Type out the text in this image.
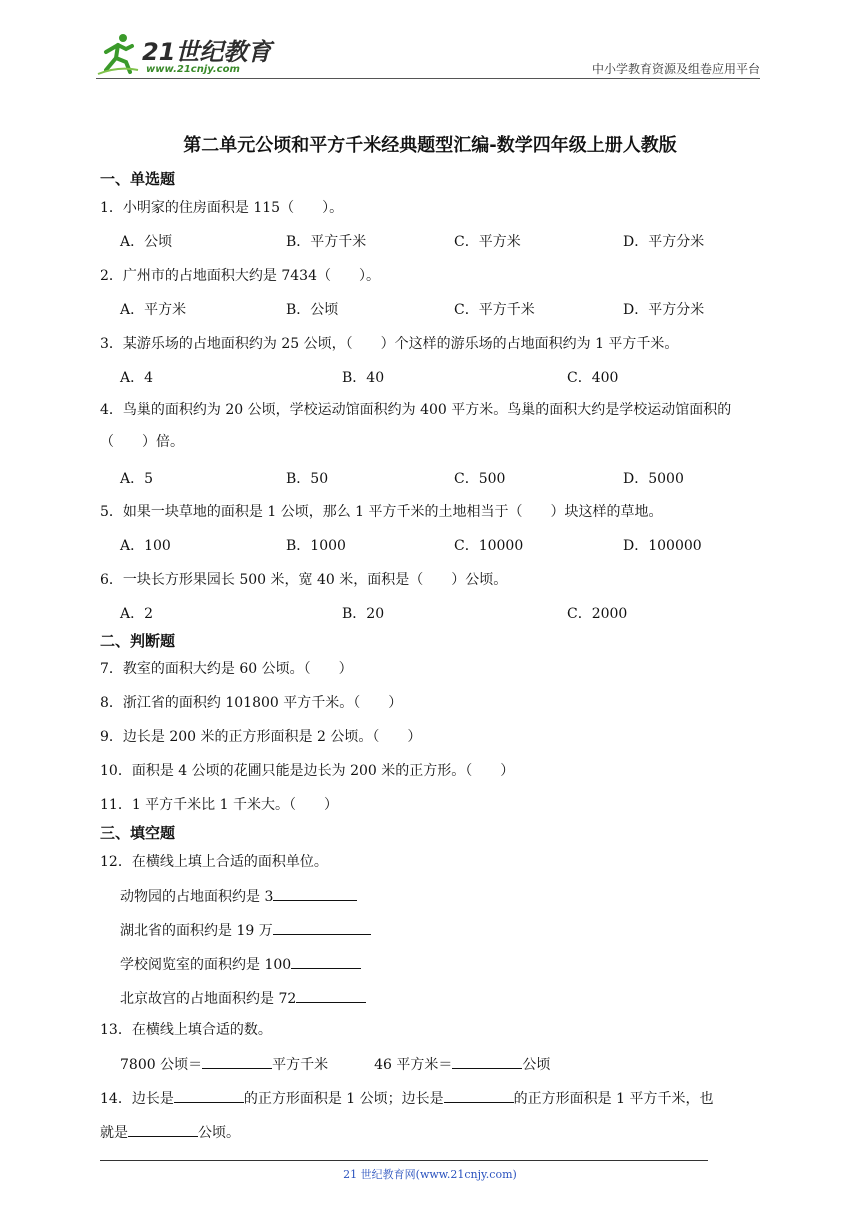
21世纪教育
www.21cnjy.com	中小学教育资源及组卷应用平台
第二单元公顷和平方千米经典题型汇编-数学四年级上册人教版
一、单选题
1．小明家的住房面积是 115（　　）。
A．公顷	B．平方千米	C．平方米	D．平方分米
2．广州市的占地面积大约是 7434（　　）。
A．平方米	B．公顷	C．平方千米	D．平方分米
3．某游乐场的占地面积约为 25 公顷，（　　）个这样的游乐场的占地面积约为 1 平方千米。
A．4	B．40	C．400
4．鸟巢的面积约为 20 公顷，学校运动馆面积约为 400 平方米。鸟巢的面积大约是学校运动馆面积的（　　）倍。
A．5	B．50	C．500	D．5000
5．如果一块草地的面积是 1 公顷，那么 1 平方千米的土地相当于（　　）块这样的草地。
A．100	B．1000	C．10000	D．100000
6．一块长方形果园长 500 米，宽 40 米，面积是（　　）公顷。
A．2	B．20	C．2000
二、判断题
7．教室的面积大约是 60 公顷。（　　）
8．浙江省的面积约 101800 平方千米。（　　）
9．边长是 200 米的正方形面积是 2 公顷。（　　）
10．面积是 4 公顷的花圃只能是边长为 200 米的正方形。（　　）
11．1 平方千米比 1 千米大。（　　）
三、填空题
12．在横线上填上合适的面积单位。
动物园的占地面积约是 3
湖北省的面积约是 19 万
学校阅览室的面积约是 100
北京故宫的占地面积约是 72
13．在横线上填合适的数。
7800 公顷＝	平方千米	46 平方米＝	公顷
14．边长是	的正方形面积是 1 公顷；边长是	的正方形面积是 1 平方千米，也
就是	公顷。
21 世纪教育网(www.21cnjy.com)
